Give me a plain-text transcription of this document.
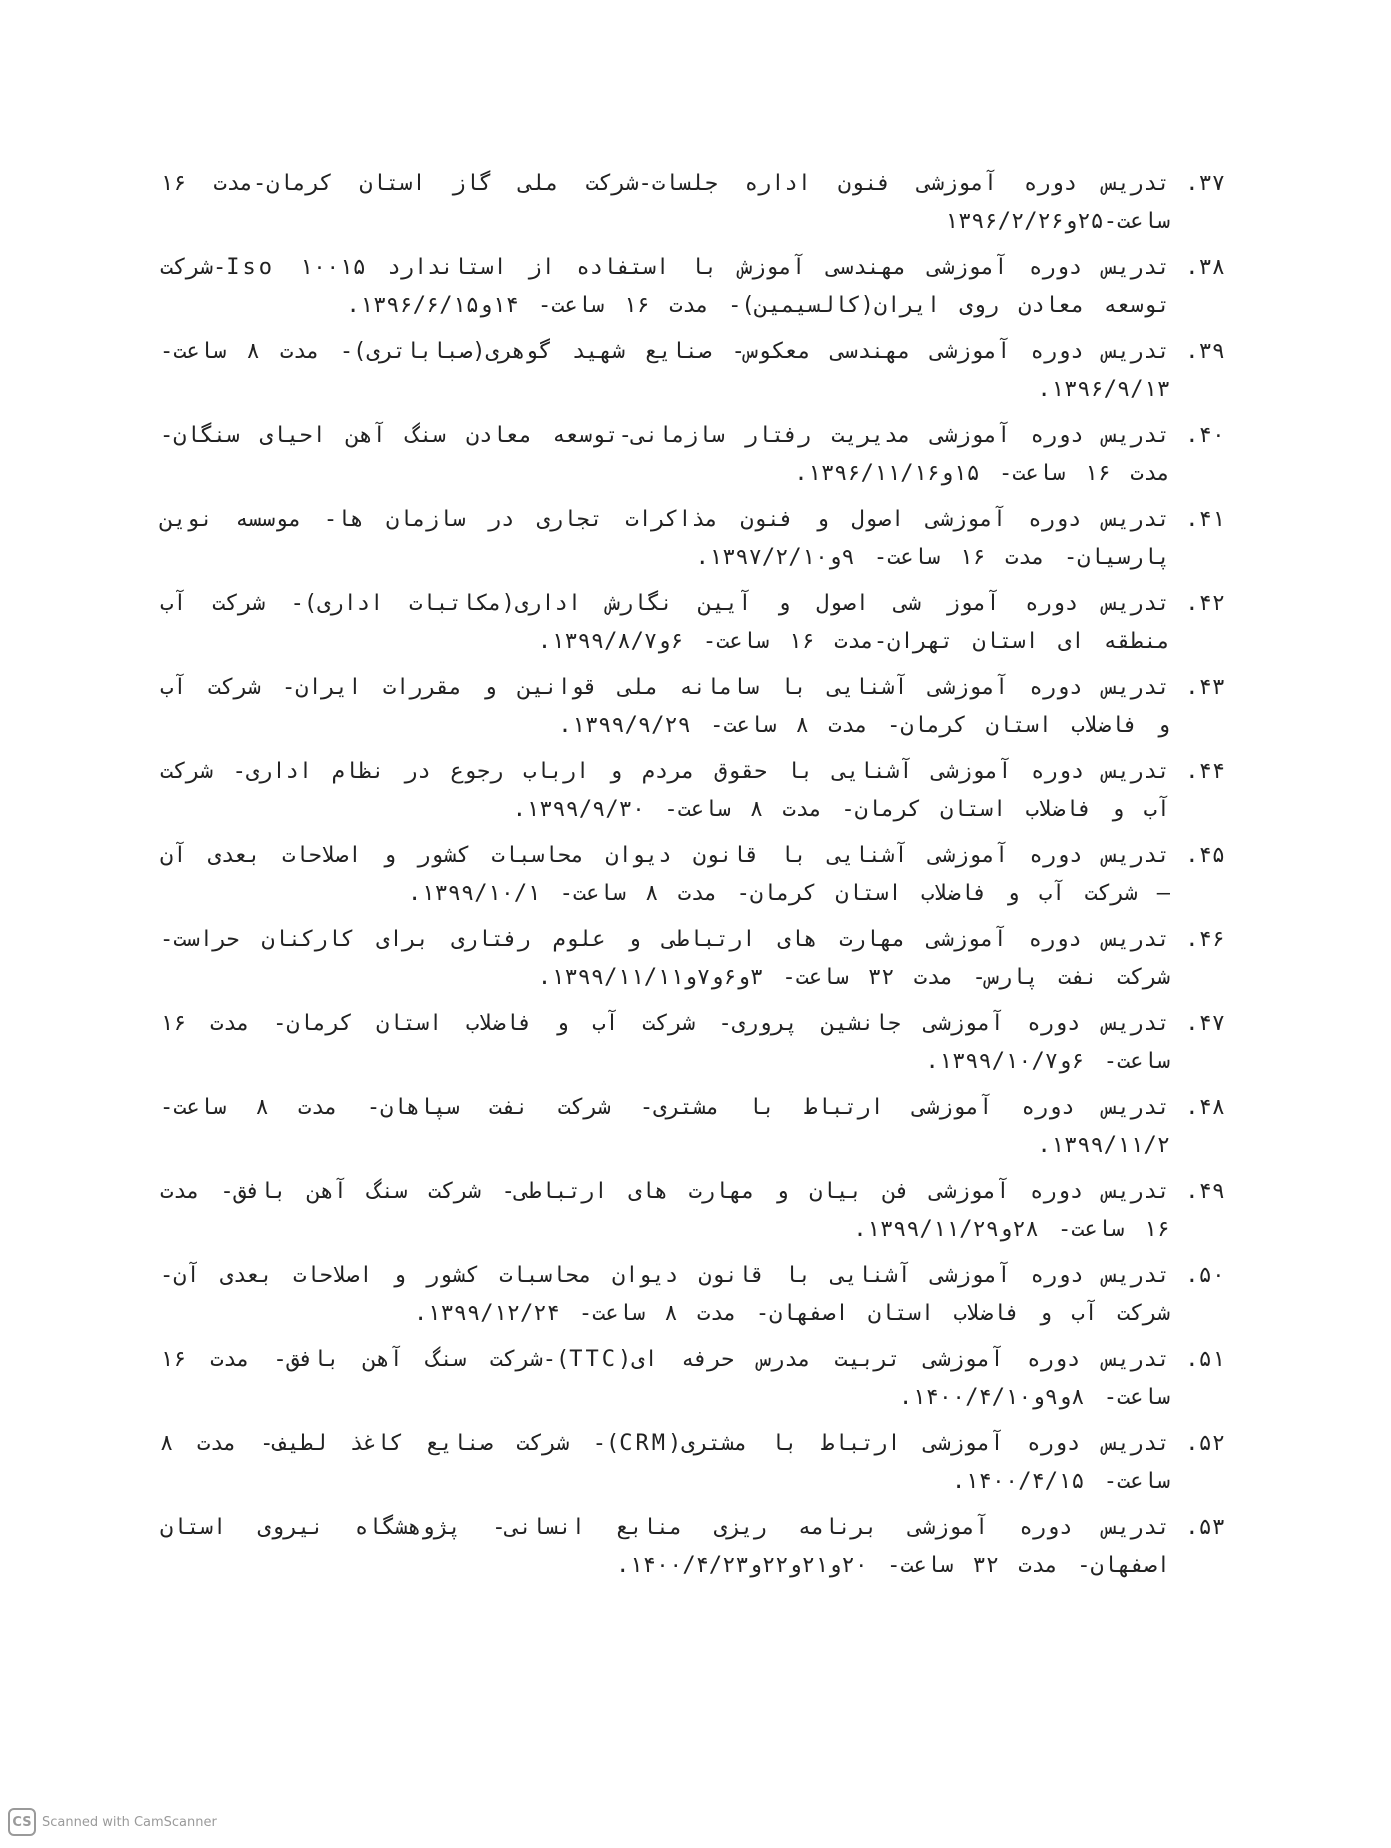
۳۷.
تدریس دوره آموزشی فنون اداره جلسات-شرکت ملی گاز استان کرمان-مدت ۱۶ ساعت-۲۵و۱۳۹۶/۲/۲۶
۳۸.
تدریس دوره آموزشی مهندسی آموزش با استفاده از استاندارد Iso ۱۰۰۱۵-شرکت توسعه معادن روی ایران(کالسیمین)- مدت ۱۶ ساعت- ۱۴و۱۳۹۶/۶/۱۵.
۳۹.
تدریس دوره آموزشی مهندسی معکوس- صنایع شهید گوهری(صباباتری)- مدت ۸ ساعت- ۱۳۹۶/۹/۱۳.
۴۰.
تدریس دوره آموزشی مدیریت رفتار سازمانی-توسعه معادن سنگ آهن احیای سنگان- مدت ۱۶ ساعت- ۱۵و۱۳۹۶/۱۱/۱۶.
۴۱.
تدریس دوره آموزشی اصول و فنون مذاکرات تجاری در سازمان ها- موسسه نوین پارسیان- مدت ۱۶ ساعت- ۹و۱۳۹۷/۲/۱۰.
۴۲.
تدریس دوره آموز شی اصول و آیین نگارش اداری(مکاتبات اداری)- شرکت آب منطقه ای استان تهران-مدت ۱۶ ساعت- ۶و۱۳۹۹/۸/۷.
۴۳.
تدریس دوره آموزشی آشنایی با سامانه ملی قوانین و مقررات ایران- شرکت آب و فاضلاب استان کرمان- مدت ۸ ساعت- ۱۳۹۹/۹/۲۹.
۴۴.
تدریس دوره آموزشی آشنایی با حقوق مردم و ارباب رجوع در نظام اداری- شرکت آب و فاضلاب استان کرمان- مدت ۸ ساعت- ۱۳۹۹/۹/۳۰.
۴۵.
تدریس دوره آموزشی آشنایی با قانون دیوان محاسبات کشور و اصلاحات بعدی آن – شرکت آب و فاضلاب استان کرمان- مدت ۸ ساعت- ۱۳۹۹/۱۰/۱.
۴۶.
تدریس دوره آموزشی مهارت های ارتباطی و علوم رفتاری برای کارکنان حراست- شرکت نفت پارس- مدت ۳۲ ساعت- ۳و۶و۷و۱۳۹۹/۱۱/۱۱.
۴۷.
تدریس دوره آموزشی جانشین پروری- شرکت آب و فاضلاب استان کرمان- مدت ۱۶ ساعت- ۶و۱۳۹۹/۱۰/۷.
۴۸.
تدریس دوره آموزشی ارتباط با مشتری- شرکت نفت سپاهان- مدت ۸ ساعت- ۱۳۹۹/۱۱/۲.
۴۹.
تدریس دوره آموزشی فن بیان و مهارت های ارتباطی- شرکت سنگ آهن بافق- مدت ۱۶ ساعت- ۲۸و۱۳۹۹/۱۱/۲۹.
۵۰.
تدریس دوره آموزشی آشنایی با قانون دیوان محاسبات کشور و اصلاحات بعدی آن- شرکت آب و فاضلاب استان اصفهان- مدت ۸ ساعت- ۱۳۹۹/۱۲/۲۴.
۵۱.
تدریس دوره آموزشی تربیت مدرس حرفه ای(TTC)-شرکت سنگ آهن بافق- مدت ۱۶ ساعت- ۸و۹و۱۴۰۰/۴/۱۰.
۵۲.
تدریس دوره آموزشی ارتباط با مشتری(CRM)- شرکت صنایع کاغذ لطیف- مدت ۸ ساعت- ۱۴۰۰/۴/۱۵.
۵۳.
تدریس دوره آموزشی برنامه ریزی منابع انسانی- پژوهشگاه نیروی استان اصفهان- مدت ۳۲ ساعت- ۲۰و۲۱و۲۲و۱۴۰۰/۴/۲۳.
CS Scanned with CamScanner
